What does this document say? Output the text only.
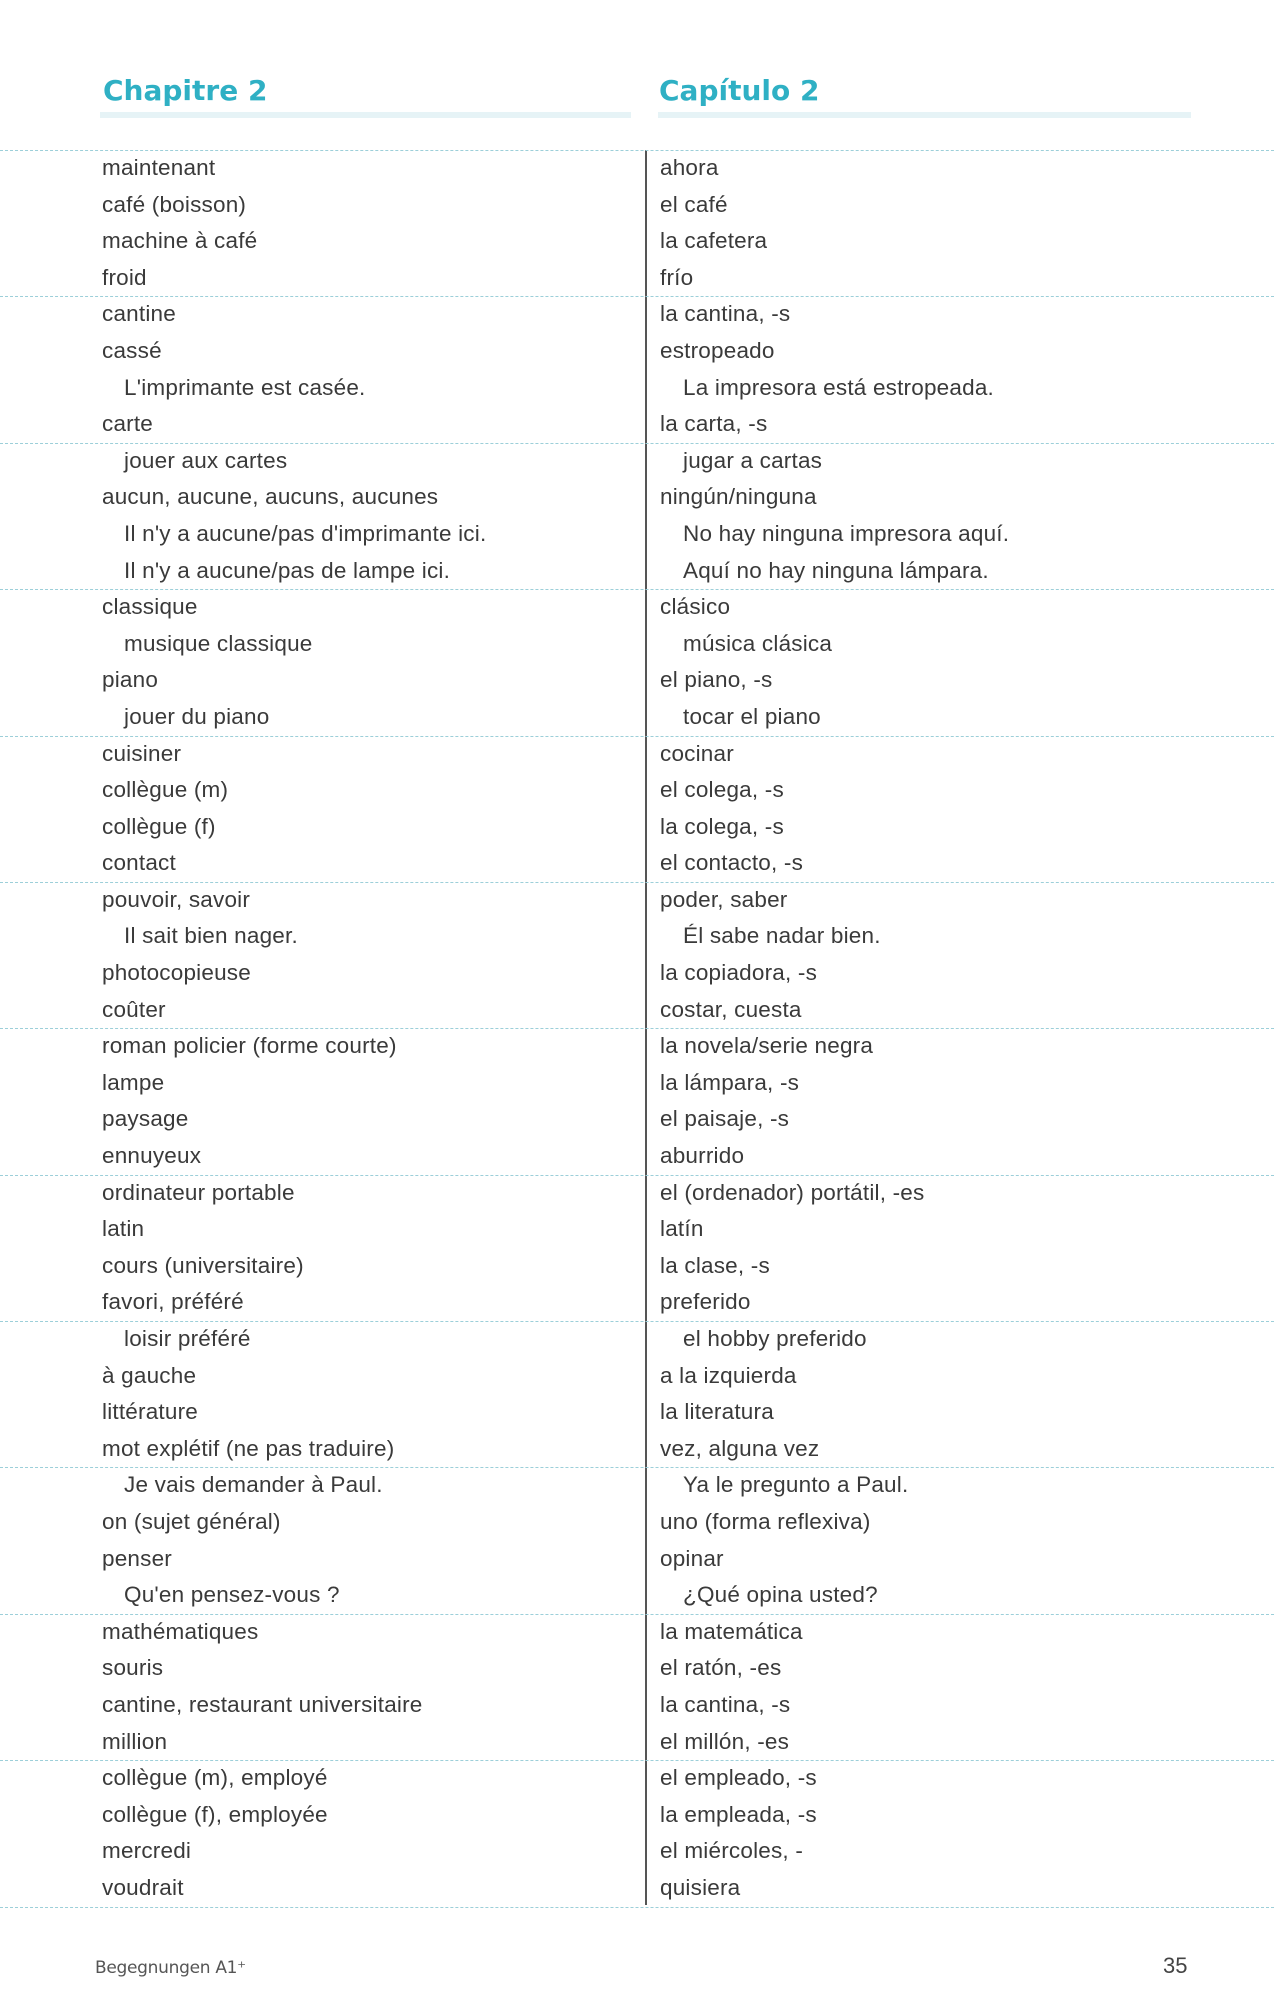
Chapitre 2	Capítulo 2
maintenant	ahora
café (boisson)	el café
machine à café	la cafetera
froid	frío
cantine	la cantina, -s
cassé	estropeado
L'imprimante est casée.	La impresora está estropeada.
carte	la carta, -s
jouer aux cartes	jugar a cartas
aucun, aucune, aucuns, aucunes	ningún/ninguna
Il n'y a aucune/pas d'imprimante ici.	No hay ninguna impresora aquí.
Il n'y a aucune/pas de lampe ici.	Aquí no hay ninguna lámpara.
classique	clásico
musique classique	música clásica
piano	el piano, -s
jouer du piano	tocar el piano
cuisiner	cocinar
collègue (m)	el colega, -s
collègue (f)	la colega, -s
contact	el contacto, -s
pouvoir, savoir	poder, saber
Il sait bien nager.	Él sabe nadar bien.
photocopieuse	la copiadora, -s
coûter	costar, cuesta
roman policier (forme courte)	la novela/serie negra
lampe	la lámpara, -s
paysage	el paisaje, -s
ennuyeux	aburrido
ordinateur portable	el (ordenador) portátil, -es
latin	latín
cours (universitaire)	la clase, -s
favori, préféré	preferido
loisir préféré	el hobby preferido
à gauche	a la izquierda
littérature	la literatura
mot explétif (ne pas traduire)	vez, alguna vez
Je vais demander à Paul.	Ya le pregunto a Paul.
on (sujet général)	uno (forma reflexiva)
penser	opinar
Qu'en pensez-vous ?	¿Qué opina usted?
mathématiques	la matemática
souris	el ratón, -es
cantine, restaurant universitaire	la cantina, -s
million	el millón, -es
collègue (m), employé	el empleado, -s
collègue (f), employée	la empleada, -s
mercredi	el miércoles, -
voudrait	quisiera
Begegnungen A1⁺	35
